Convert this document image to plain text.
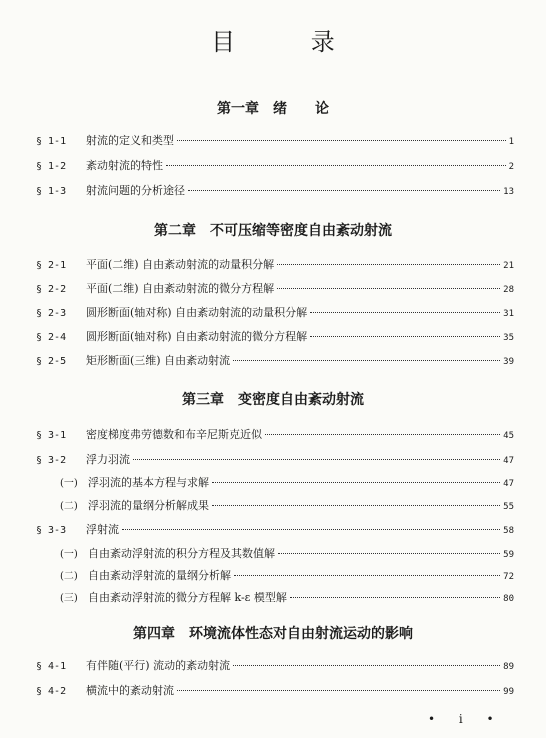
目 录
第一章　绪　　论
§ 1-1	射流的定义和类型	1
§ 1-2	紊动射流的特性	2
§ 1-3	射流问题的分析途径	13
第二章　不可压缩等密度自由紊动射流
§ 2-1	平面(二维) 自由紊动射流的动量积分解	21
§ 2-2	平面(二维) 自由紊动射流的微分方程解	28
§ 2-3	圆形断面(轴对称) 自由紊动射流的动量积分解	31
§ 2-4	圆形断面(轴对称) 自由紊动射流的微分方程解	35
§ 2-5	矩形断面(三维) 自由紊动射流	39
第三章　变密度自由紊动射流
§ 3-1	密度梯度弗劳德数和布辛尼斯克近似	45
§ 3-2	浮力羽流	47
(一) 浮羽流的基本方程与求解	47
(二) 浮羽流的量纲分析解成果	55
§ 3-3	浮射流	58
(一) 自由紊动浮射流的积分方程及其数值解	59
(二) 自由紊动浮射流的量纲分析解	72
(三) 自由紊动浮射流的微分方程解 k-ε 模型解	80
第四章　环境流体性态对自由射流运动的影响
§ 4-1	有伴随(平行) 流动的紊动射流	89
§ 4-2	横流中的紊动射流	99
• i •
